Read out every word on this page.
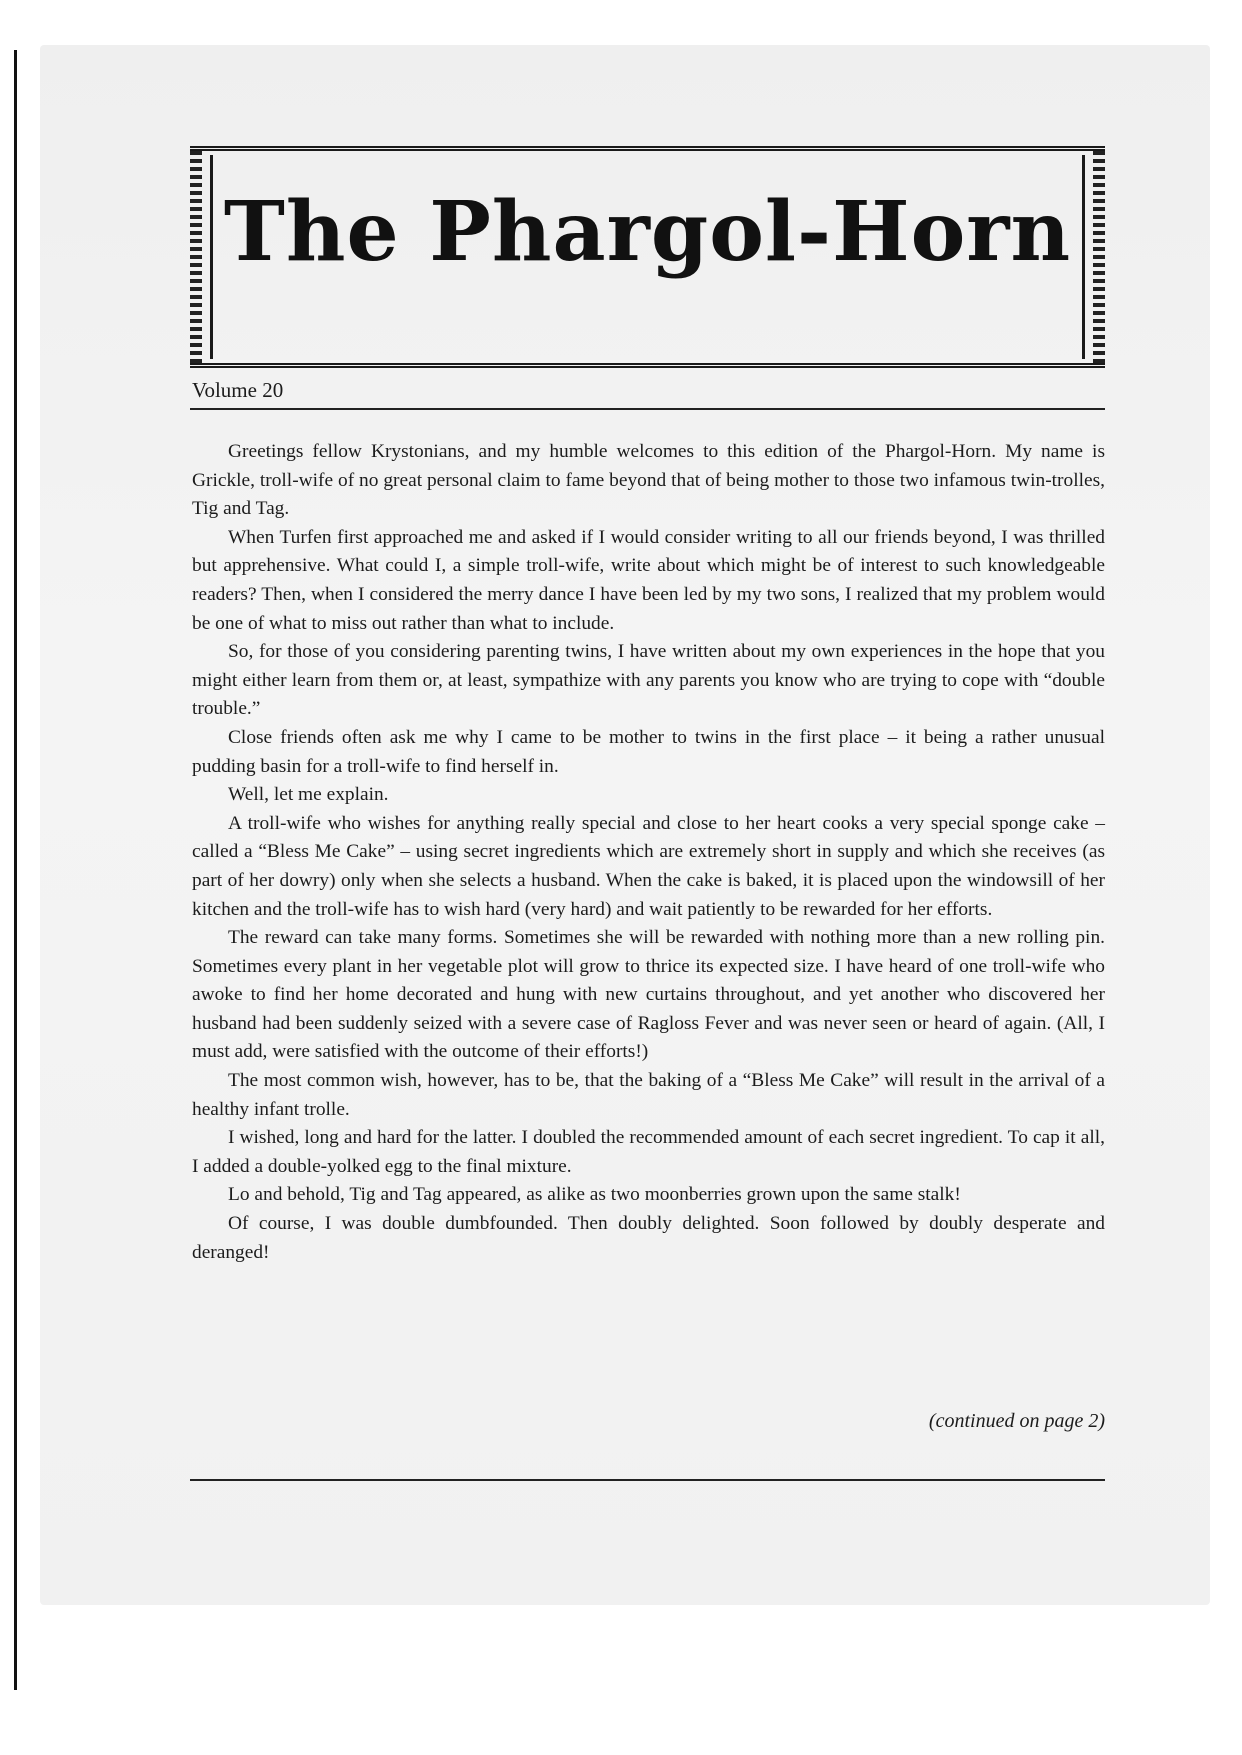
The Phargol-Horn
Volume 20

Greetings fellow Krystonians, and my humble welcomes to this edition of the Phargol-Horn. My name is Grickle, troll-wife of no great personal claim to fame beyond that of being mother to those two infamous twin-trolles, Tig and Tag.

When Turfen first approached me and asked if I would consider writing to all our friends beyond, I was thrilled but apprehensive. What could I, a simple troll-wife, write about which might be of interest to such knowledgeable readers? Then, when I considered the merry dance I have been led by my two sons, I realized that my problem would be one of what to miss out rather than what to include.

So, for those of you considering parenting twins, I have written about my own experiences in the hope that you might either learn from them or, at least, sympathize with any parents you know who are trying to cope with “double trouble.”

Close friends often ask me why I came to be mother to twins in the first place – it being a rather unusual pudding basin for a troll-wife to find herself in.

Well, let me explain.

A troll-wife who wishes for anything really special and close to her heart cooks a very special sponge cake – called a “Bless Me Cake” – using secret ingredients which are extremely short in supply and which she receives (as part of her dowry) only when she selects a husband. When the cake is baked, it is placed upon the windowsill of her kitchen and the troll-wife has to wish hard (very hard) and wait patiently to be rewarded for her efforts.

The reward can take many forms. Sometimes she will be rewarded with nothing more than a new rolling pin. Sometimes every plant in her vegetable plot will grow to thrice its expected size. I have heard of one troll-wife who awoke to find her home decorated and hung with new curtains throughout, and yet another who discovered her husband had been suddenly seized with a severe case of Ragloss Fever and was never seen or heard of again. (All, I must add, were satisfied with the outcome of their efforts!)

The most common wish, however, has to be, that the baking of a “Bless Me Cake” will result in the arrival of a healthy infant trolle.

I wished, long and hard for the latter. I doubled the recommended amount of each secret ingredient. To cap it all, I added a double-yolked egg to the final mixture.

Lo and behold, Tig and Tag appeared, as alike as two moonberries grown upon the same stalk!

Of course, I was double dumbfounded. Then doubly delighted. Soon followed by doubly desperate and deranged!

(continued on page 2)
